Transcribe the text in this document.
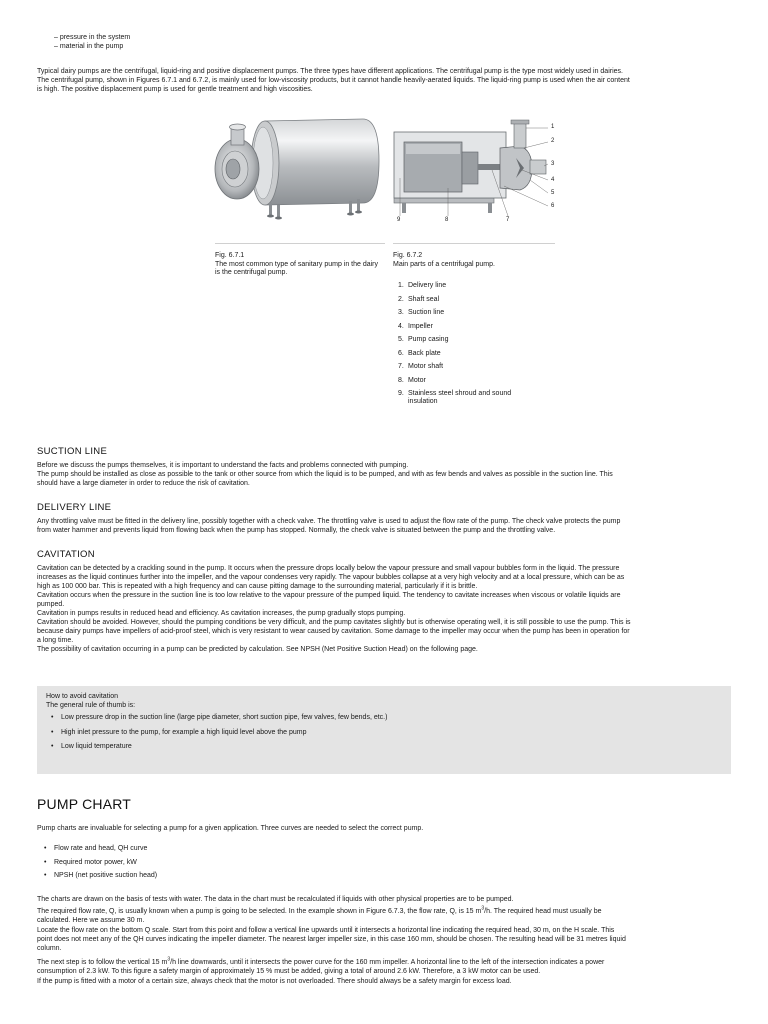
– pressure in the system
– material in the pump

Typical dairy pumps are the centrifugal, liquid-ring and positive displacement pumps. The three types have different applications. The centrifugal pump is the type most widely used in dairies.

The centrifugal pump, shown in Figures 6.7.1 and 6.7.2, is mainly used for low-viscosity products, but it cannot handle heavily-aerated liquids. The liquid-ring pump is used when the air content

is high. The positive displacement pump is used for gentle treatment and high viscosities.

Fig. 6.7.1
The most common type of sanitary pump in the dairy is the centrifugal pump.
1
2
3
4
5
6
9	8	7
Fig. 6.7.2
Main parts of a centrifugal pump.
1. Delivery line
2. Shaft seal
3. Suction line
4. Impeller
5. Pump casing
6. Back plate
7. Motor shaft
8. Motor
9. Stainless steel shroud and sound insulation
SUCTION LINE

Before we discuss the pumps themselves, it is important to understand the facts and problems connected with pumping.

The pump should be installed as close as possible to the tank or other source from which the liquid is to be pumped, and with as few bends and valves as possible in the suction line. This

should have a large diameter in order to reduce the risk of cavitation.

DELIVERY LINE

Any throttling valve must be fitted in the delivery line, possibly together with a check valve. The throttling valve is used to adjust the flow rate of the pump. The check valve protects the pump

from water hammer and prevents liquid from flowing back when the pump has stopped. Normally, the check valve is situated between the pump and the throttling valve.

CAVITATION

Cavitation can be detected by a crackling sound in the pump. It occurs when the pressure drops locally below the vapour pressure and small vapour bubbles form in the liquid. The pressure

increases as the liquid continues further into the impeller, and the vapour condenses very rapidly. The vapour bubbles collapse at a very high velocity and at a local pressure, which can be as

high as 100 000 bar. This is repeated with a high frequency and can cause pitting damage to the surrounding material, particularly if it is brittle.

Cavitation occurs when the pressure in the suction line is too low relative to the vapour pressure of the pumped liquid. The tendency to cavitate increases when viscous or volatile liquids are

pumped.

Cavitation in pumps results in reduced head and efficiency. As cavitation increases, the pump gradually stops pumping.

Cavitation should be avoided. However, should the pumping conditions be very difficult, and the pump cavitates slightly but is otherwise operating well, it is still possible to use the pump. This is

because dairy pumps have impellers of acid-proof steel, which is very resistant to wear caused by cavitation. Some damage to the impeller may occur when the pump has been in operation for

a long time.

The possibility of cavitation occurring in a pump can be predicted by calculation. See NPSH (Net Positive Suction Head) on the following page.

How to avoid cavitation
The general rule of thumb is:
• Low pressure drop in the suction line (large pipe diameter, short suction pipe, few valves, few bends, etc.)
• High inlet pressure to the pump, for example a high liquid level above the pump
• Low liquid temperature
PUMP CHART
Pump charts are invaluable for selecting a pump for a given application. Three curves are needed to select the correct pump.
• Flow rate and head, QH curve
• Required motor power, kW
• NPSH (net positive suction head)
The charts are drawn on the basis of tests with water. The data in the chart must be recalculated if liquids with other physical properties are to be pumped.

The required flow rate, Q, is usually known when a pump is going to be selected. In the example shown in Figure 6.7.3, the flow rate, Q, is 15 $m^3/h$. The required head must usually be

calculated. Here we assume 30 m.

Locate the flow rate on the bottom Q scale. Start from this point and follow a vertical line upwards until it intersects a horizontal line indicating the required head, 30 m, on the H scale. This

point does not meet any of the QH curves indicating the impeller diameter. The nearest larger impeller size, in this case 160 mm, should be chosen. The resulting head will be 31 metres liquid

column.

The next step is to follow the vertical 15 $m^3/h$ line downwards, until it intersects the power curve for the 160 mm impeller. A horizontal line to the left of the intersection indicates a power

consumption of 2.3 kW. To this figure a safety margin of approximately 15 % must be added, giving a total of around 2.6 kW. Therefore, a 3 kW motor can be used.

If the pump is fitted with a motor of a certain size, always check that the motor is not overloaded. There should always be a safety margin for excess load.
